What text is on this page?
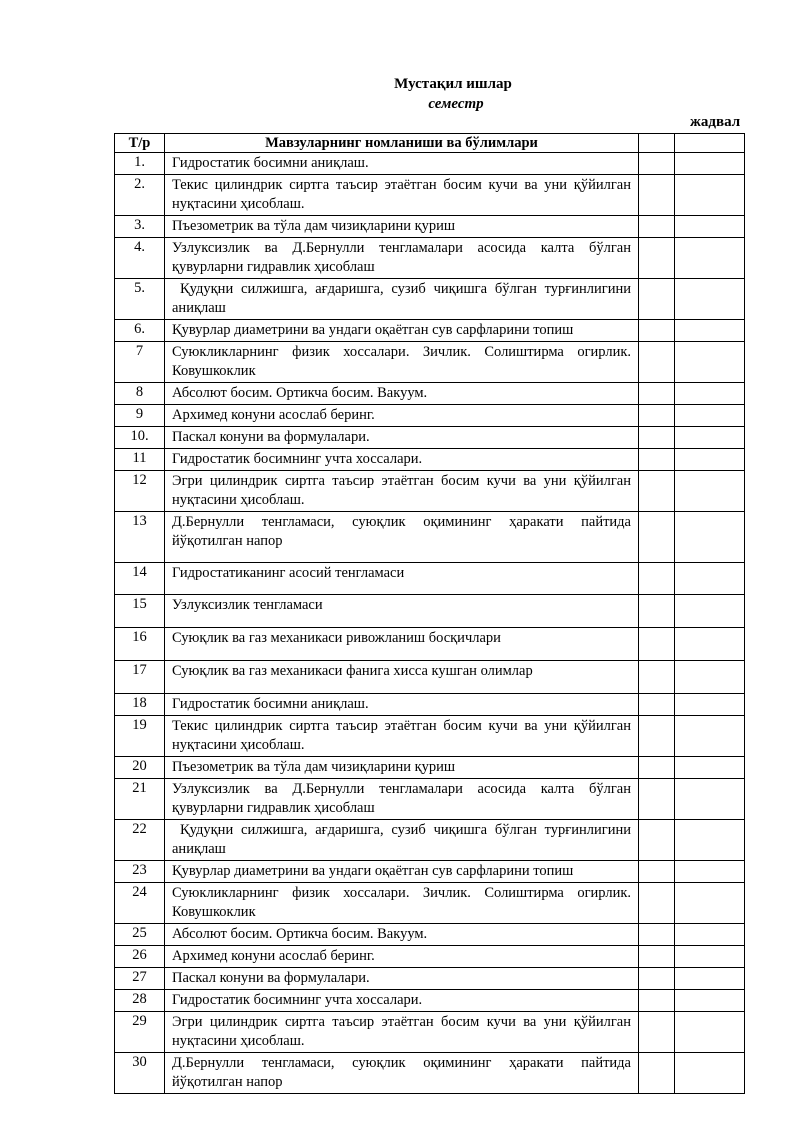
Мустақил ишлар
семестр
жадвал
Т/р	Мавзуларнинг номланиши ва бўлимлари		
1.	Гидростатик босимни аниқлаш.		
2.	Текис цилиндрик сиртга таъсир этаётган босим кучи ва уни қўйилган нуқтасини ҳисоблаш.		
3.	Пъезометрик ва тўла дам чизиқларини қуриш		
4.	Узлуксизлик ва Д.Бернулли тенгламалари асосида калта бўлган қувурларни гидравлик ҳисоблаш		
5.	Қудуқни силжишга, ағдаришга, сузиб чиқишга бўлган турғинлигини аниқлаш		
6.	Қувурлар диаметрини ва ундаги оқаётган сув сарфларини топиш		
7	Суюкликларнинг физик хоссалари. Зичлик. Солиштирма огирлик. Ковушкоклик		
8	Абсолют босим. Ортикча босим. Вакуум.		
9	Архимед конуни асослаб беринг.		
10.	Паскал конуни ва формулалари.		
11	Гидростатик босимнинг учта хоссалари.		
12	Эгри цилиндрик сиртга таъсир этаётган босим кучи ва уни қўйилган нуқтасини ҳисоблаш.		
13	Д.Бернулли тенгламаси, суюқлик оқимининг ҳаракати пайтида йўқотилган напор		
14	Гидростатиканинг асосий тенгламаси		
15	Узлуксизлик тенгламаси		
16	Суюқлик ва газ механикаси ривожланиш босқичлари		
17	Суюқлик ва газ механикаси фанига хисса кушган олимлар		
18	Гидростатик босимни аниқлаш.		
19	Текис цилиндрик сиртга таъсир этаётган босим кучи ва уни қўйилган нуқтасини ҳисоблаш.		
20	Пъезометрик ва тўла дам чизиқларини қуриш		
21	Узлуксизлик ва Д.Бернулли тенгламалари асосида калта бўлган қувурларни гидравлик ҳисоблаш		
22	Қудуқни силжишга, ағдаришга, сузиб чиқишга бўлган турғинлигини аниқлаш		
23	Қувурлар диаметрини ва ундаги оқаётган сув сарфларини топиш		
24	Суюкликларнинг физик хоссалари. Зичлик. Солиштирма огирлик. Ковушкоклик		
25	Абсолют босим. Ортикча босим. Вакуум.		
26	Архимед конуни асослаб беринг.		
27	Паскал конуни ва формулалари.		
28	Гидростатик босимнинг учта хоссалари.		
29	Эгри цилиндрик сиртга таъсир этаётган босим кучи ва уни қўйилган нуқтасини ҳисоблаш.		
30	Д.Бернулли тенгламаси, суюқлик оқимининг ҳаракати пайтида йўқотилган напор		
